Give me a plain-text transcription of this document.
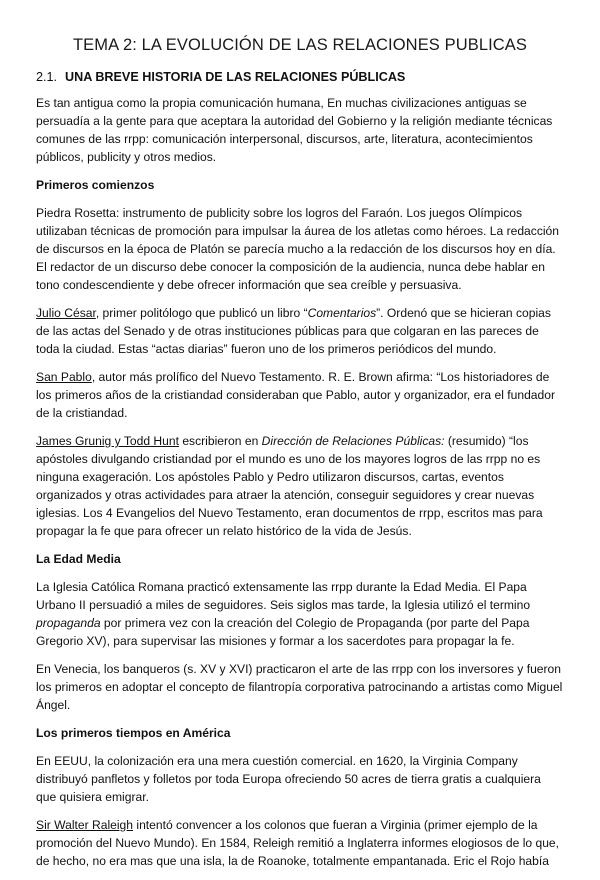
TEMA 2: LA EVOLUCIÓN DE LAS RELACIONES PUBLICAS
2.1. UNA BREVE HISTORIA DE LAS RELACIONES PÚBLICAS

Es tan antigua como la propia comunicación humana, En muchas civilizaciones antiguas se persuadía a la gente para que aceptara la autoridad del Gobierno y la religión mediante técnicas comunes de las rrpp: comunicación interpersonal, discursos, arte, literatura, acontecimientos públicos, publicity y otros medios.

Primeros comienzos

Piedra Rosetta: instrumento de publicity sobre los logros del Faraón. Los juegos Olímpicos utilizaban técnicas de promoción para impulsar la áurea de los atletas como héroes. La redacción de discursos en la época de Platón se parecía mucho a la redacción de los discursos hoy en día. El redactor de un discurso debe conocer la composición de la audiencia, nunca debe hablar en tono condescendiente y debe ofrecer información que sea creíble y persuasiva.

Julio César, primer politólogo que publicó un libro “Comentarios”. Ordenó que se hicieran copias de las actas del Senado y de otras instituciones públicas para que colgaran en las pareces de toda la ciudad. Estas “actas diarias” fueron uno de los primeros periódicos del mundo.

San Pablo, autor más prolífico del Nuevo Testamento. R. E. Brown afirma: “Los historiadores de los primeros años de la cristiandad consideraban que Pablo, autor y organizador, era el fundador de la cristiandad.

James Grunig y Todd Hunt escribieron en Dirección de Relaciones Públicas: (resumido) “los apóstoles divulgando cristiandad por el mundo es uno de los mayores logros de las rrpp no es ninguna exageración. Los apóstoles Pablo y Pedro utilizaron discursos, cartas, eventos organizados y otras actividades para atraer la atención, conseguir seguidores y crear nuevas iglesias. Los 4 Evangelios del Nuevo Testamento, eran documentos de rrpp, escritos mas para propagar la fe que para ofrecer un relato histórico de la vida de Jesús.

La Edad Media

La Iglesia Católica Romana practicó extensamente las rrpp durante la Edad Media. El Papa Urbano II persuadió a miles de seguidores. Seis siglos mas tarde, la Iglesia utilizó el termino propaganda por primera vez con la creación del Colegio de Propaganda (por parte del Papa Gregorio XV), para supervisar las misiones y formar a los sacerdotes para propagar la fe.

En Venecia, los banqueros (s. XV y XVI) practicaron el arte de las rrpp con los inversores y fueron los primeros en adoptar el concepto de filantropía corporativa patrocinando a artistas como Miguel Ángel.

Los primeros tiempos en América

En EEUU, la colonización era una mera cuestión comercial. en 1620, la Virginia Company distribuyó panfletos y folletos por toda Europa ofreciendo 50 acres de tierra gratis a cualquiera que quisiera emigrar.

Sir Walter Raleigh intentó convencer a los colonos que fueran a Virginia (primer ejemplo de la promoción del Nuevo Mundo). En 1584, Releigh remitió a Inglaterra informes elogiosos de lo que, de hecho, no era mas que una isla, la de Roanoke, totalmente empantanada. Eric el Rojo había
